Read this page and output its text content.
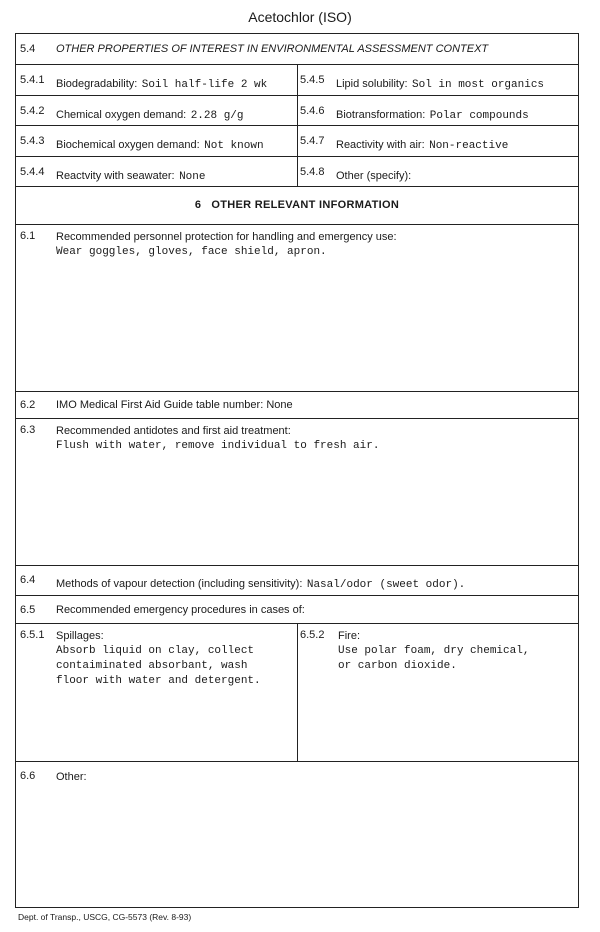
Acetochlor (ISO)
5.4 OTHER PROPERTIES OF INTEREST IN ENVIRONMENTAL ASSESSMENT CONTEXT
5.4.1 Biodegradability: Soil half-life 2 wk	5.4.5 Lipid solubility: Sol in most organics
5.4.2 Chemical oxygen demand: 2.28 g/g	5.4.6 Biotransformation: Polar compounds
5.4.3 Biochemical oxygen demand: Not known	5.4.7 Reactivity with air: Non-reactive
5.4.4 Reactvity with seawater: None	5.4.8 Other (specify):
6 OTHER RELEVANT INFORMATION
6.1 Recommended personnel protection for handling and emergency use:
Wear goggles, gloves, face shield, apron.
6.2 IMO Medical First Aid Guide table number: None
6.3 Recommended antidotes and first aid treatment:
Flush with water, remove individual to fresh air.
6.4 Methods of vapour detection (including sensitivity): Nasal/odor (sweet odor).
6.5 Recommended emergency procedures in cases of:
6.5.1 Spillages:
Absorb liquid on clay, collect
contaiminated absorbant, wash
floor with water and detergent.
6.5.2 Fire:
Use polar foam, dry chemical,
or carbon dioxide.
6.6 Other:
Dept. of Transp., USCG, CG-5573 (Rev. 8-93)
